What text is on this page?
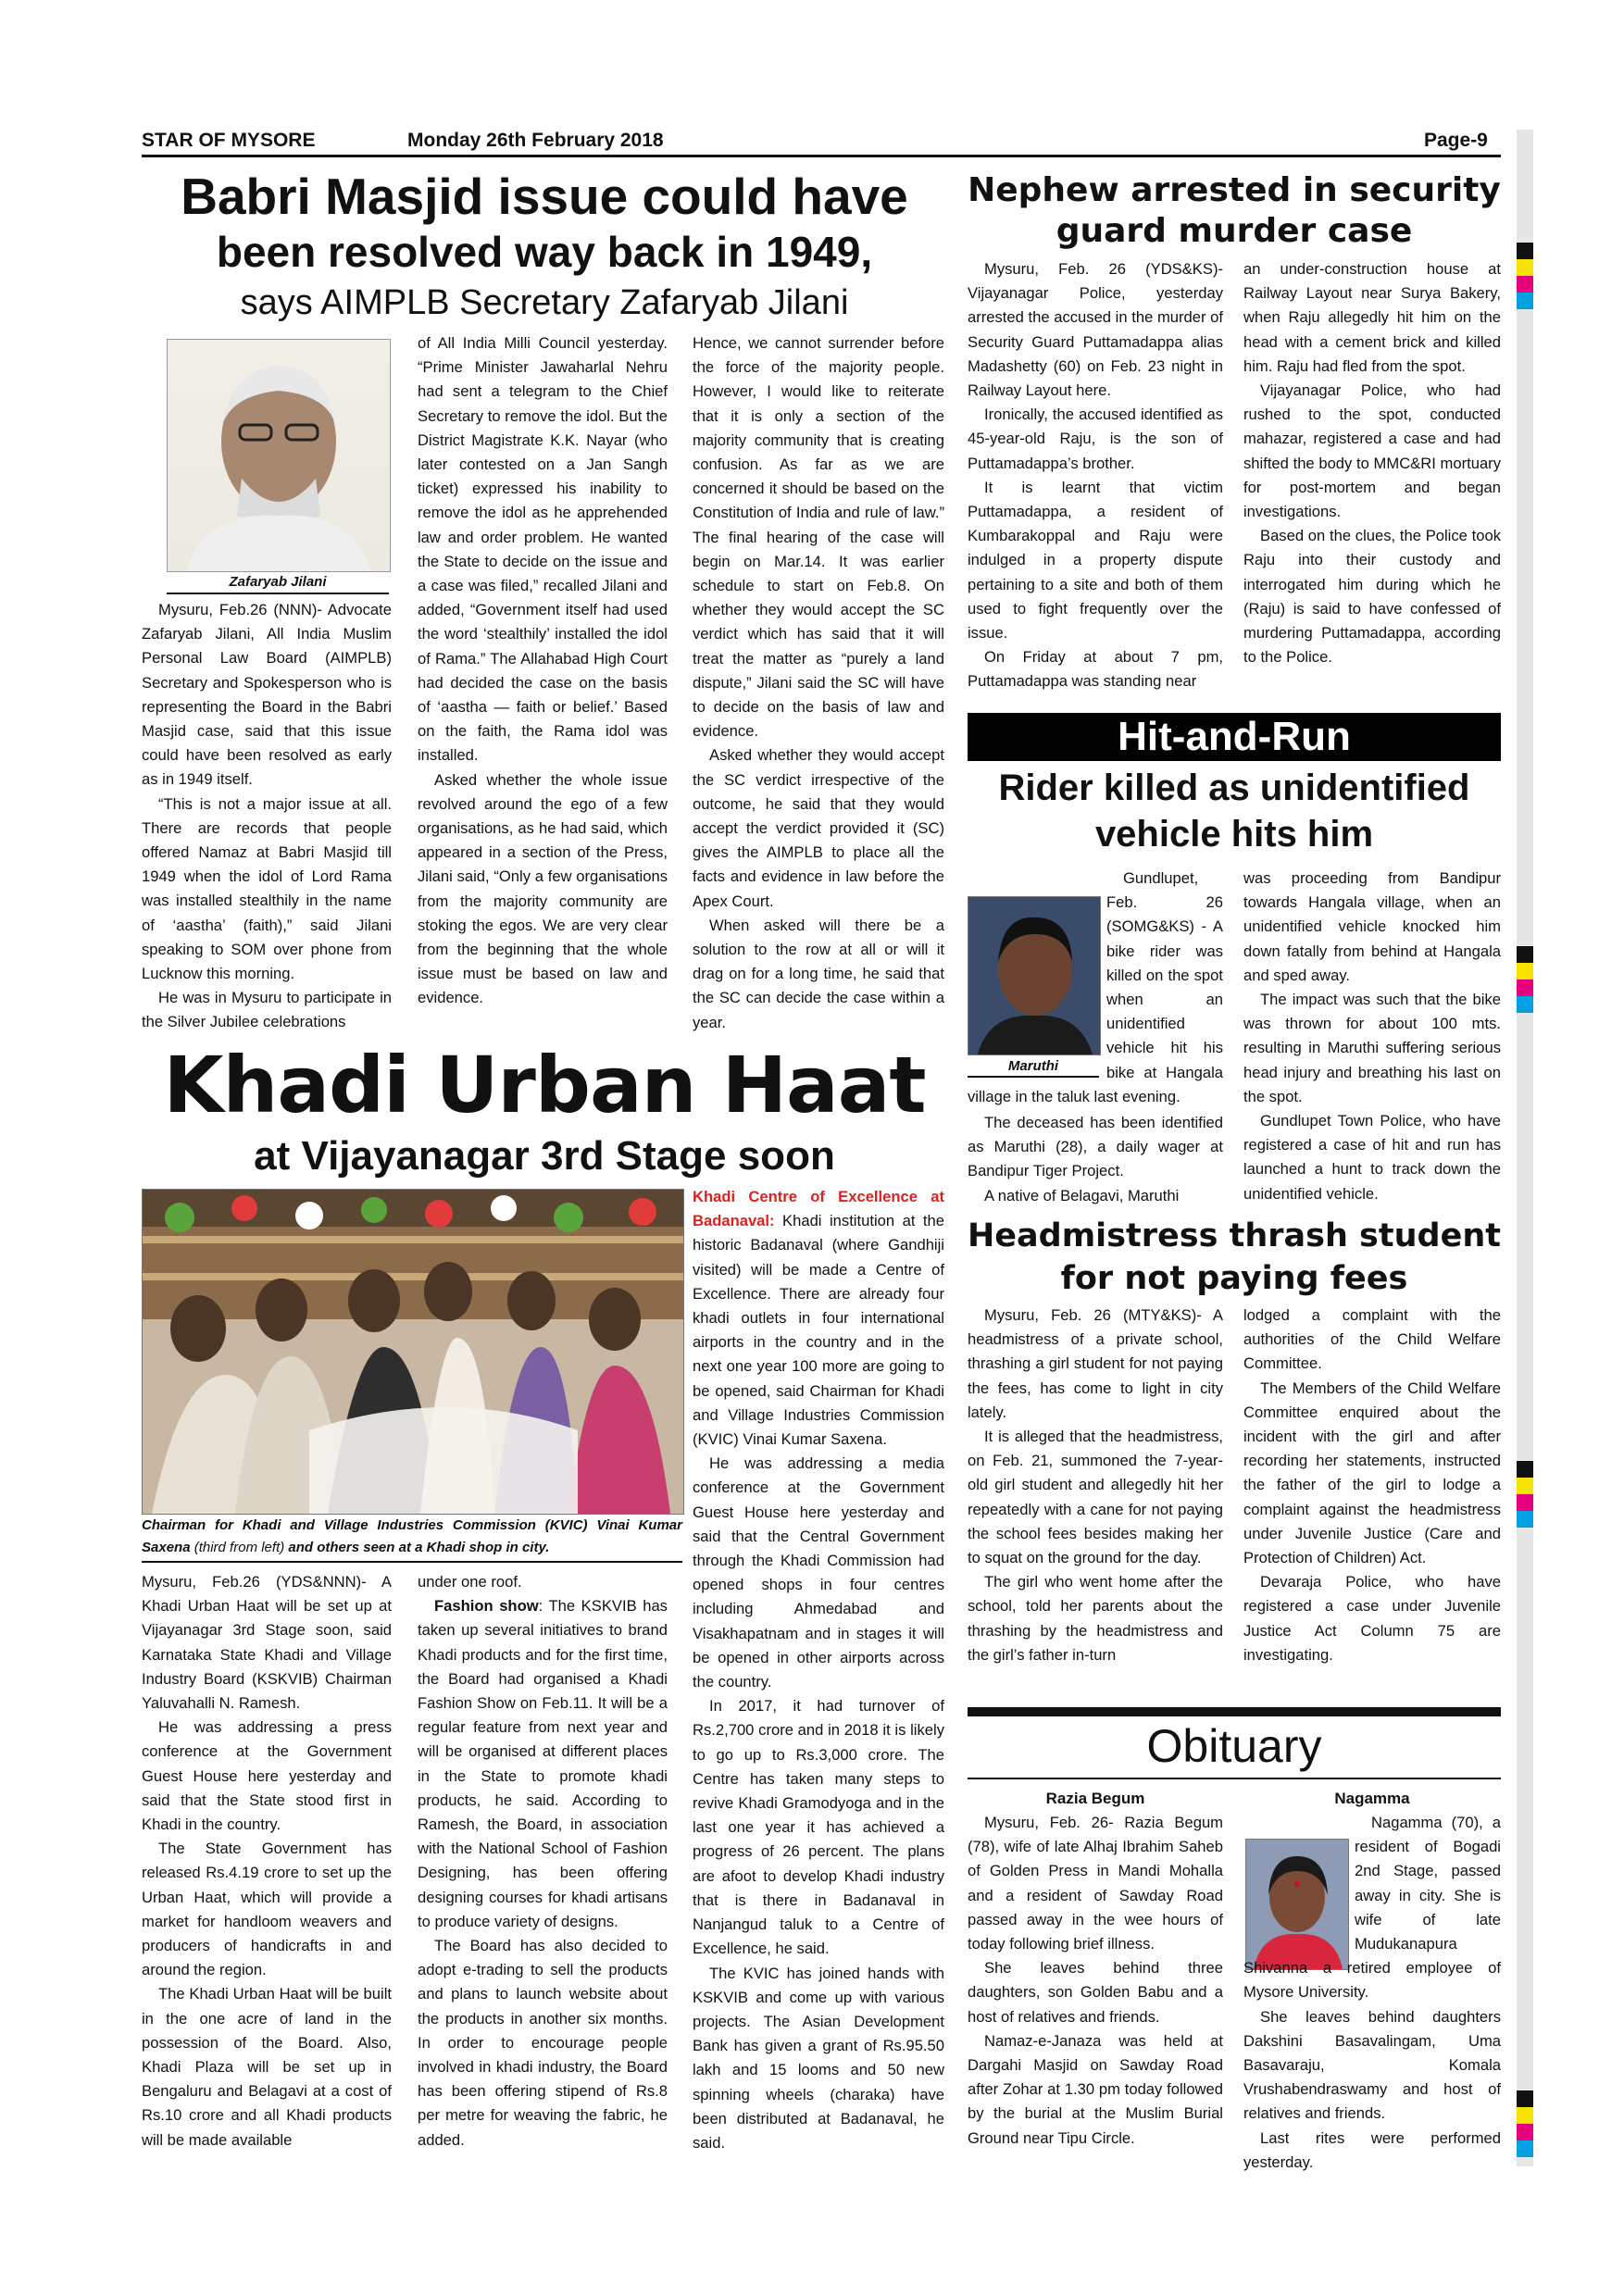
STAR OF MYSORE	Monday 26th February 2018	Page-9
Babri Masjid issue could have
been resolved way back in 1949,
says AIMPLB Secretary Zafaryab Jilani
Zafaryab Jilani

Mysuru, Feb.26 (NNN)- Advocate Zafaryab Jilani, All India Muslim Personal Law Board (AIMPLB) Secretary and Spokesperson who is representing the Board in the Babri Masjid case, said that this issue could have been resolved as early as in 1949 itself.

“This is not a major issue at all. There are records that people offered Namaz at Babri Masjid till 1949 when the idol of Lord Rama was installed stealthily in the name of ‘aastha’ (faith),” said Jilani speaking to SOM over phone from Lucknow this morning.

He was in Mysuru to participate in the Silver Jubilee celebrations

of All India Milli Council yesterday. “Prime Minister Jawaharlal Nehru had sent a telegram to the Chief Secretary to remove the idol. But the District Magistrate K.K. Nayar (who later contested on a Jan Sangh ticket) expressed his inability to remove the idol as he apprehended law and order problem. He wanted the State to decide on the issue and a case was filed,” recalled Jilani and added, “Government itself had used the word ‘stealthily’ installed the idol of Rama.” The Allahabad High Court had decided the case on the basis of ‘aastha — faith or belief.’ Based on the faith, the Rama idol was installed.

Asked whether the whole issue revolved around the ego of a few organisations, as he had said, which appeared in a section of the Press, Jilani said, “Only a few organisations from the majority community are stoking the egos. We are very clear from the beginning that the whole issue must be based on law and evidence.

Hence, we cannot surrender before the force of the majority people. However, I would like to reiterate that it is only a section of the majority community that is creating confusion. As far as we are concerned it should be based on the Constitution of India and rule of law.” The final hearing of the case will begin on Mar.14. It was earlier schedule to start on Feb.8. On whether they would accept the SC verdict which has said that it will treat the matter as “purely a land dispute,” Jilani said the SC will have to decide on the basis of law and evidence.

Asked whether they would accept the SC verdict irrespective of the outcome, he said that they would accept the verdict provided it (SC) gives the AIMPLB to place all the facts and evidence in law before the Apex Court.

When asked will there be a solution to the row at all or will it drag on for a long time, he said that the SC can decide the case within a year.

Khadi Urban Haat
at Vijayanagar 3rd Stage soon
Chairman for Khadi and Village Industries Commission (KVIC) Vinai Kumar Saxena (third from left) and others seen at a Khadi shop in city.

Khadi Centre of Excellence at Badanaval: Khadi institution at the historic Badanaval (where Gandhiji visited) will be made a Centre of Excellence. There are already four khadi outlets in four international airports in the country and in the next one year 100 more are going to be opened, said Chairman for Khadi and Village Industries Commission (KVIC) Vinai Kumar Saxena.

He was addressing a media conference at the Government Guest House here yesterday and said that the Central Government through the Khadi Commission had opened shops in four centres including Ahmedabad and Visakhapatnam and in stages it will be opened in other airports across the country.

In 2017, it had turnover of Rs.2,700 crore and in 2018 it is likely to go up to Rs.3,000 crore. The Centre has taken many steps to revive Khadi Gramodyoga and in the last one year it has achieved a progress of 26 percent. The plans are afoot to develop Khadi industry that is there in Badanaval in Nanjangud taluk to a Centre of Excellence, he said.

The KVIC has joined hands with KSKVIB and come up with various projects. The Asian Development Bank has given a grant of Rs.95.50 lakh and 15 looms and 50 new spinning wheels (charaka) have been distributed at Badanaval, he said.

Mysuru, Feb.26 (YDS&NNN)- A Khadi Urban Haat will be set up at Vijayanagar 3rd Stage soon, said Karnataka State Khadi and Village Industry Board (KSKVIB) Chairman Yaluvahalli N. Ramesh.

He was addressing a press conference at the Government Guest House here yesterday and said that the State stood first in Khadi in the country.

The State Government has released Rs.4.19 crore to set up the Urban Haat, which will provide a market for handloom weavers and producers of handicrafts in and around the region.

The Khadi Urban Haat will be built in the one acre of land in the possession of the Board. Also, Khadi Plaza will be set up in Bengaluru and Belagavi at a cost of Rs.10 crore and all Khadi products will be made available

under one roof.

Fashion show: The KSKVIB has taken up several initiatives to brand Khadi products and for the first time, the Board had organised a Khadi Fashion Show on Feb.11. It will be a regular feature from next year and will be organised at different places in the State to promote khadi products, he said. According to Ramesh, the Board, in association with the National School of Fashion Designing, has been offering designing courses for khadi artisans to produce variety of designs.

The Board has also decided to adopt e-trading to sell the products and plans to launch website about the products in another six months. In order to encourage people involved in khadi industry, the Board has been offering stipend of Rs.8 per metre for weaving the fabric, he added.

Nephew arrested in security
guard murder case

Mysuru, Feb. 26 (YDS&KS)- Vijayanagar Police, yesterday arrested the accused in the murder of Security Guard Puttamadappa alias Madashetty (60) on Feb. 23 night in Railway Layout here.

Ironically, the accused identified as 45-year-old Raju, is the son of Puttamadappa’s brother.

It is learnt that victim Puttamadappa, a resident of Kumbarakoppal and Raju were indulged in a property dispute pertaining to a site and both of them used to fight frequently over the issue.

On Friday at about 7 pm, Puttamadappa was standing near

an under-construction house at Railway Layout near Surya Bakery, when Raju allegedly hit him on the head with a cement brick and killed him. Raju had fled from the spot.

Vijayanagar Police, who had rushed to the spot, conducted mahazar, registered a case and had shifted the body to MMC&RI mortuary for post-mortem and began investigations.

Based on the clues, the Police took Raju into their custody and interrogated him during which he (Raju) is said to have confessed of murdering Puttamadappa, according to the Police.

Hit-and-Run
Rider killed as unidentified
vehicle hits him
Maruthi

Gundlupet, Feb. 26 (SOMG&KS) - A bike rider was killed on the spot when an unidentified vehicle hit his bike at Hangala village in the taluk last evening.

The deceased has been identified as Maruthi (28), a daily wager at Bandipur Tiger Project.

A native of Belagavi, Maruthi

was proceeding from Bandipur towards Hangala village, when an unidentified vehicle knocked him down fatally from behind at Hangala and sped away.

The impact was such that the bike was thrown for about 100 mts. resulting in Maruthi suffering serious head injury and breathing his last on the spot.

Gundlupet Town Police, who have registered a case of hit and run has launched a hunt to track down the unidentified vehicle.

Headmistress thrash student
for not paying fees

Mysuru, Feb. 26 (MTY&KS)- A headmistress of a private school, thrashing a girl student for not paying the fees, has come to light in city lately.

It is alleged that the headmistress, on Feb. 21, summoned the 7-year-old girl student and allegedly hit her repeatedly with a cane for not paying the school fees besides making her to squat on the ground for the day.

The girl who went home after the school, told her parents about the thrashing by the headmistress and the girl’s father in-turn

lodged a complaint with the authorities of the Child Welfare Committee.

The Members of the Child Welfare Committee enquired about the incident with the girl and after recording her statements, instructed the father of the girl to lodge a complaint against the headmistress under Juvenile Justice (Care and Protection of Children) Act.

Devaraja Police, who have registered a case under Juvenile Justice Act Column 75 are investigating.

Obituary
Razia Begum

Mysuru, Feb. 26- Razia Begum (78), wife of late Alhaj Ibrahim Saheb of Golden Press in Mandi Mohalla and a resident of Sawday Road passed away in the wee hours of today following brief illness.

She leaves behind three daughters, son Golden Babu and a host of relatives and friends.

Namaz-e-Janaza was held at Dargahi Masjid on Sawday Road after Zohar at 1.30 pm today followed by the burial at the Muslim Burial Ground near Tipu Circle.

Nagamma

Nagamma (70), a resident of Bogadi 2nd Stage, passed away in city. She is wife of late Mudukanapura Shivanna a retired employee of Mysore University.

She leaves behind daughters Dakshini Basavalingam, Uma Basavaraju, Komala Vrushabendraswamy and host of relatives and friends.

Last rites were performed yesterday.
